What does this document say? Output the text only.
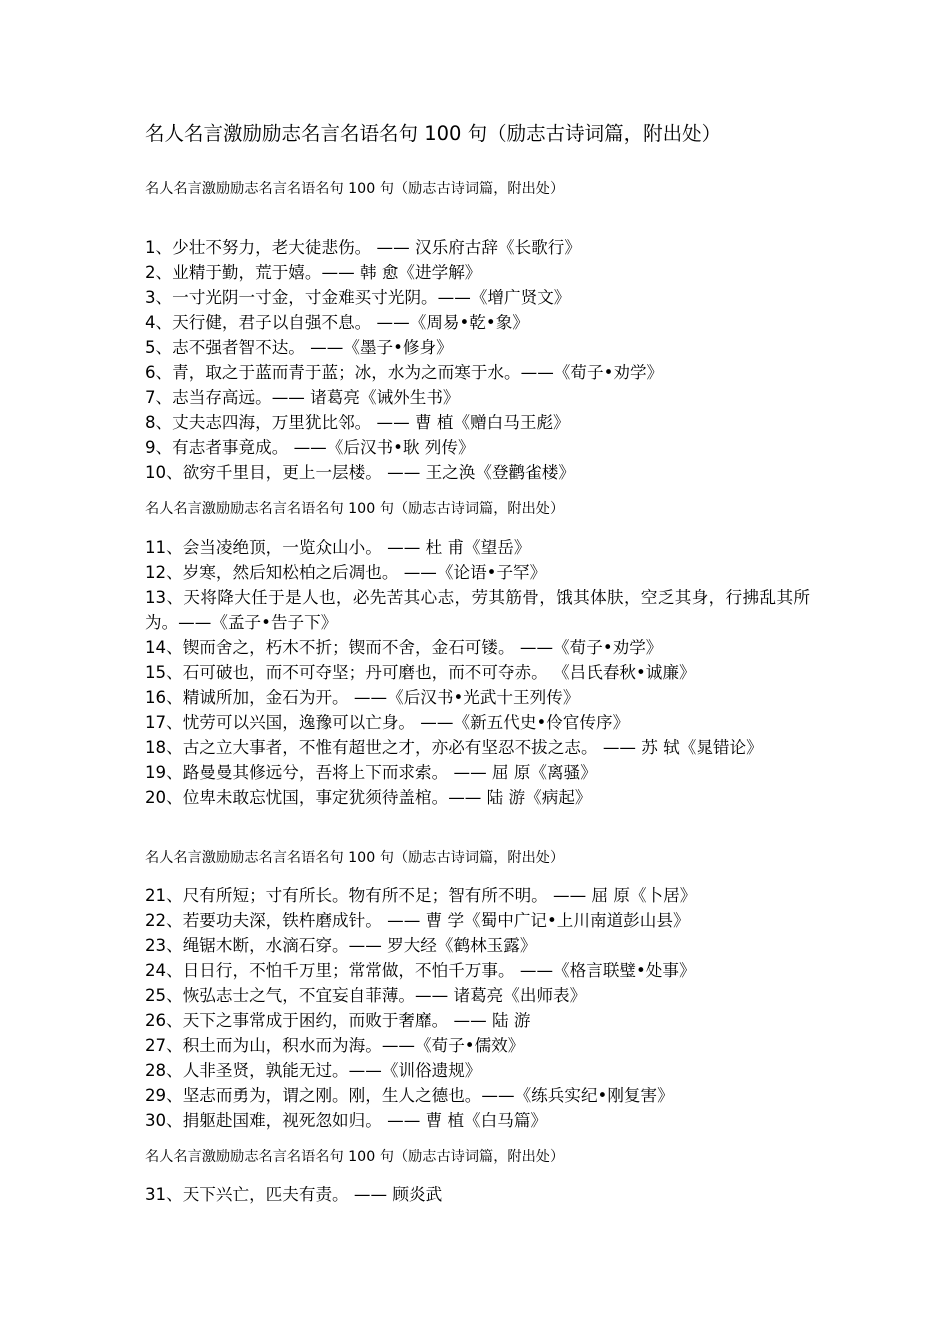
名人名言激励励志名言名语名句 100 句（励志古诗词篇，附出处）
名人名言激励励志名言名语名句 100 句（励志古诗词篇，附出处）
1、少壮不努力，老大徒悲伤。 —— 汉乐府古辞《长歌行》
2、业精于勤，荒于嬉。—— 韩 愈《进学解》
3、一寸光阴一寸金，寸金难买寸光阴。——《增广贤文》
4、天行健，君子以自强不息。 ——《周易•乾•象》
5、志不强者智不达。 ——《墨子•修身》
6、青，取之于蓝而青于蓝；冰，水为之而寒于水。——《荀子•劝学》
7、志当存高远。—— 诸葛亮《诫外生书》
8、丈夫志四海，万里犹比邻。 —— 曹 植《赠白马王彪》
9、有志者事竟成。 ——《后汉书•耿 列传》
10、欲穷千里目，更上一层楼。 —— 王之涣《登鹳雀楼》
名人名言激励励志名言名语名句 100 句（励志古诗词篇，附出处）
11、会当凌绝顶，一览众山小。 —— 杜 甫《望岳》
12、岁寒，然后知松柏之后凋也。 ——《论语•子罕》
13、天将降大任于是人也，必先苦其心志，劳其筋骨，饿其体肤，空乏其身，行拂乱其所为。——《孟子•告子下》
14、锲而舍之，朽木不折；锲而不舍，金石可镂。 ——《荀子•劝学》
15、石可破也，而不可夺坚；丹可磨也，而不可夺赤。 《吕氏春秋•诚廉》
16、精诚所加，金石为开。 ——《后汉书•光武十王列传》
17、忧劳可以兴国，逸豫可以亡身。 ——《新五代史•伶官传序》
18、古之立大事者，不惟有超世之才，亦必有坚忍不拔之志。 —— 苏 轼《晁错论》
19、路曼曼其修远兮，吾将上下而求索。 —— 屈 原《离骚》
20、位卑未敢忘忧国，事定犹须待盖棺。—— 陆 游《病起》
名人名言激励励志名言名语名句 100 句（励志古诗词篇，附出处）
21、尺有所短；寸有所长。物有所不足；智有所不明。 —— 屈 原《卜居》
22、若要功夫深，铁杵磨成针。 —— 曹 学《蜀中广记•上川南道彭山县》
23、绳锯木断，水滴石穿。—— 罗大经《鹤林玉露》
24、日日行，不怕千万里；常常做，不怕千万事。 ——《格言联璧•处事》
25、恢弘志士之气，不宜妄自菲薄。—— 诸葛亮《出师表》
26、天下之事常成于困约，而败于奢靡。 —— 陆 游
27、积土而为山，积水而为海。——《荀子•儒效》
28、人非圣贤，孰能无过。——《训俗遗规》
29、坚志而勇为，谓之刚。刚，生人之德也。——《练兵实纪•刚复害》
30、捐躯赴国难，视死忽如归。 —— 曹 植《白马篇》
名人名言激励励志名言名语名句 100 句（励志古诗词篇，附出处）
31、天下兴亡，匹夫有责。 —— 顾炎武
